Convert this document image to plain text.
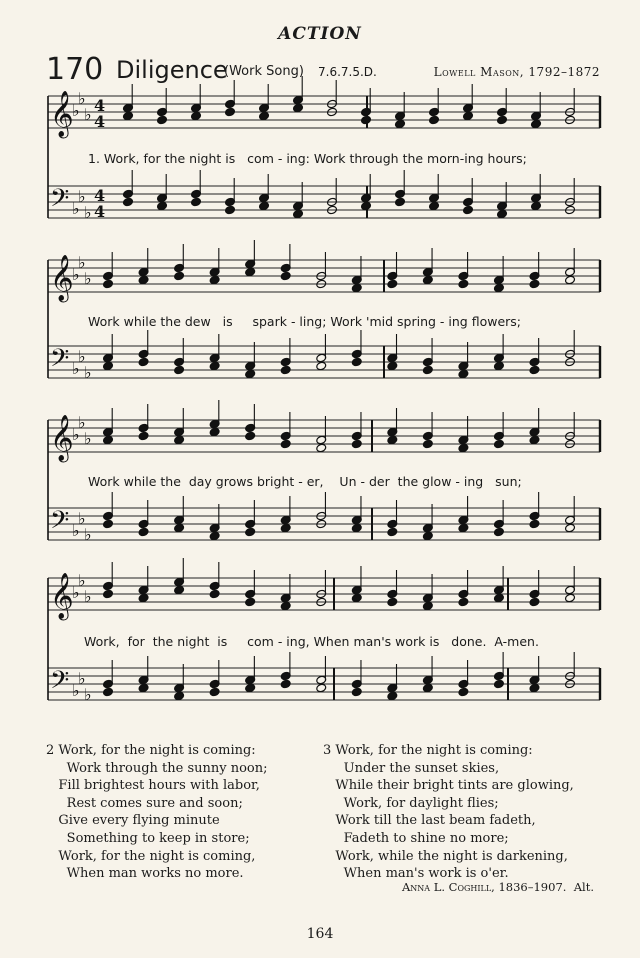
ACTION
170 Diligence
(Work Song) 7.6.7.5.D.	Lowell Mason, 1792–1872
𝄞
𝄢
♭
♭
♭
♭
♭
♭
4
4
4
4
𝄞
𝄢
♭
♭
♭
♭
♭
♭
𝄞
𝄢
♭
♭
♭
♭
♭
♭
𝄞
𝄢
♭
♭
♭
♭
♭
♭
1. Work, for the night is   com - ing: Work through the morn-ing hours;
Work while the dew   is     spark - ling; Work 'mid spring - ing flowers;
Work while the  day grows bright - er,    Un - der  the glow - ing   sun;
Work,  for  the night  is     com - ing, When man's work is   done.  A-men.
2 Work, for the night is coming:
Work through the sunny noon;
Fill brightest hours with labor,
Rest comes sure and soon;
Give every flying minute
Something to keep in store;
Work, for the night is coming,
When man works no more.
3 Work, for the night is coming:
Under the sunset skies,
While their bright tints are glowing,
Work, for daylight flies;
Work till the last beam fadeth,
Fadeth to shine no more;
Work, while the night is darkening,
When man's work is o'er.
Anna L. Coghill, 1836–1907. Alt.
164
